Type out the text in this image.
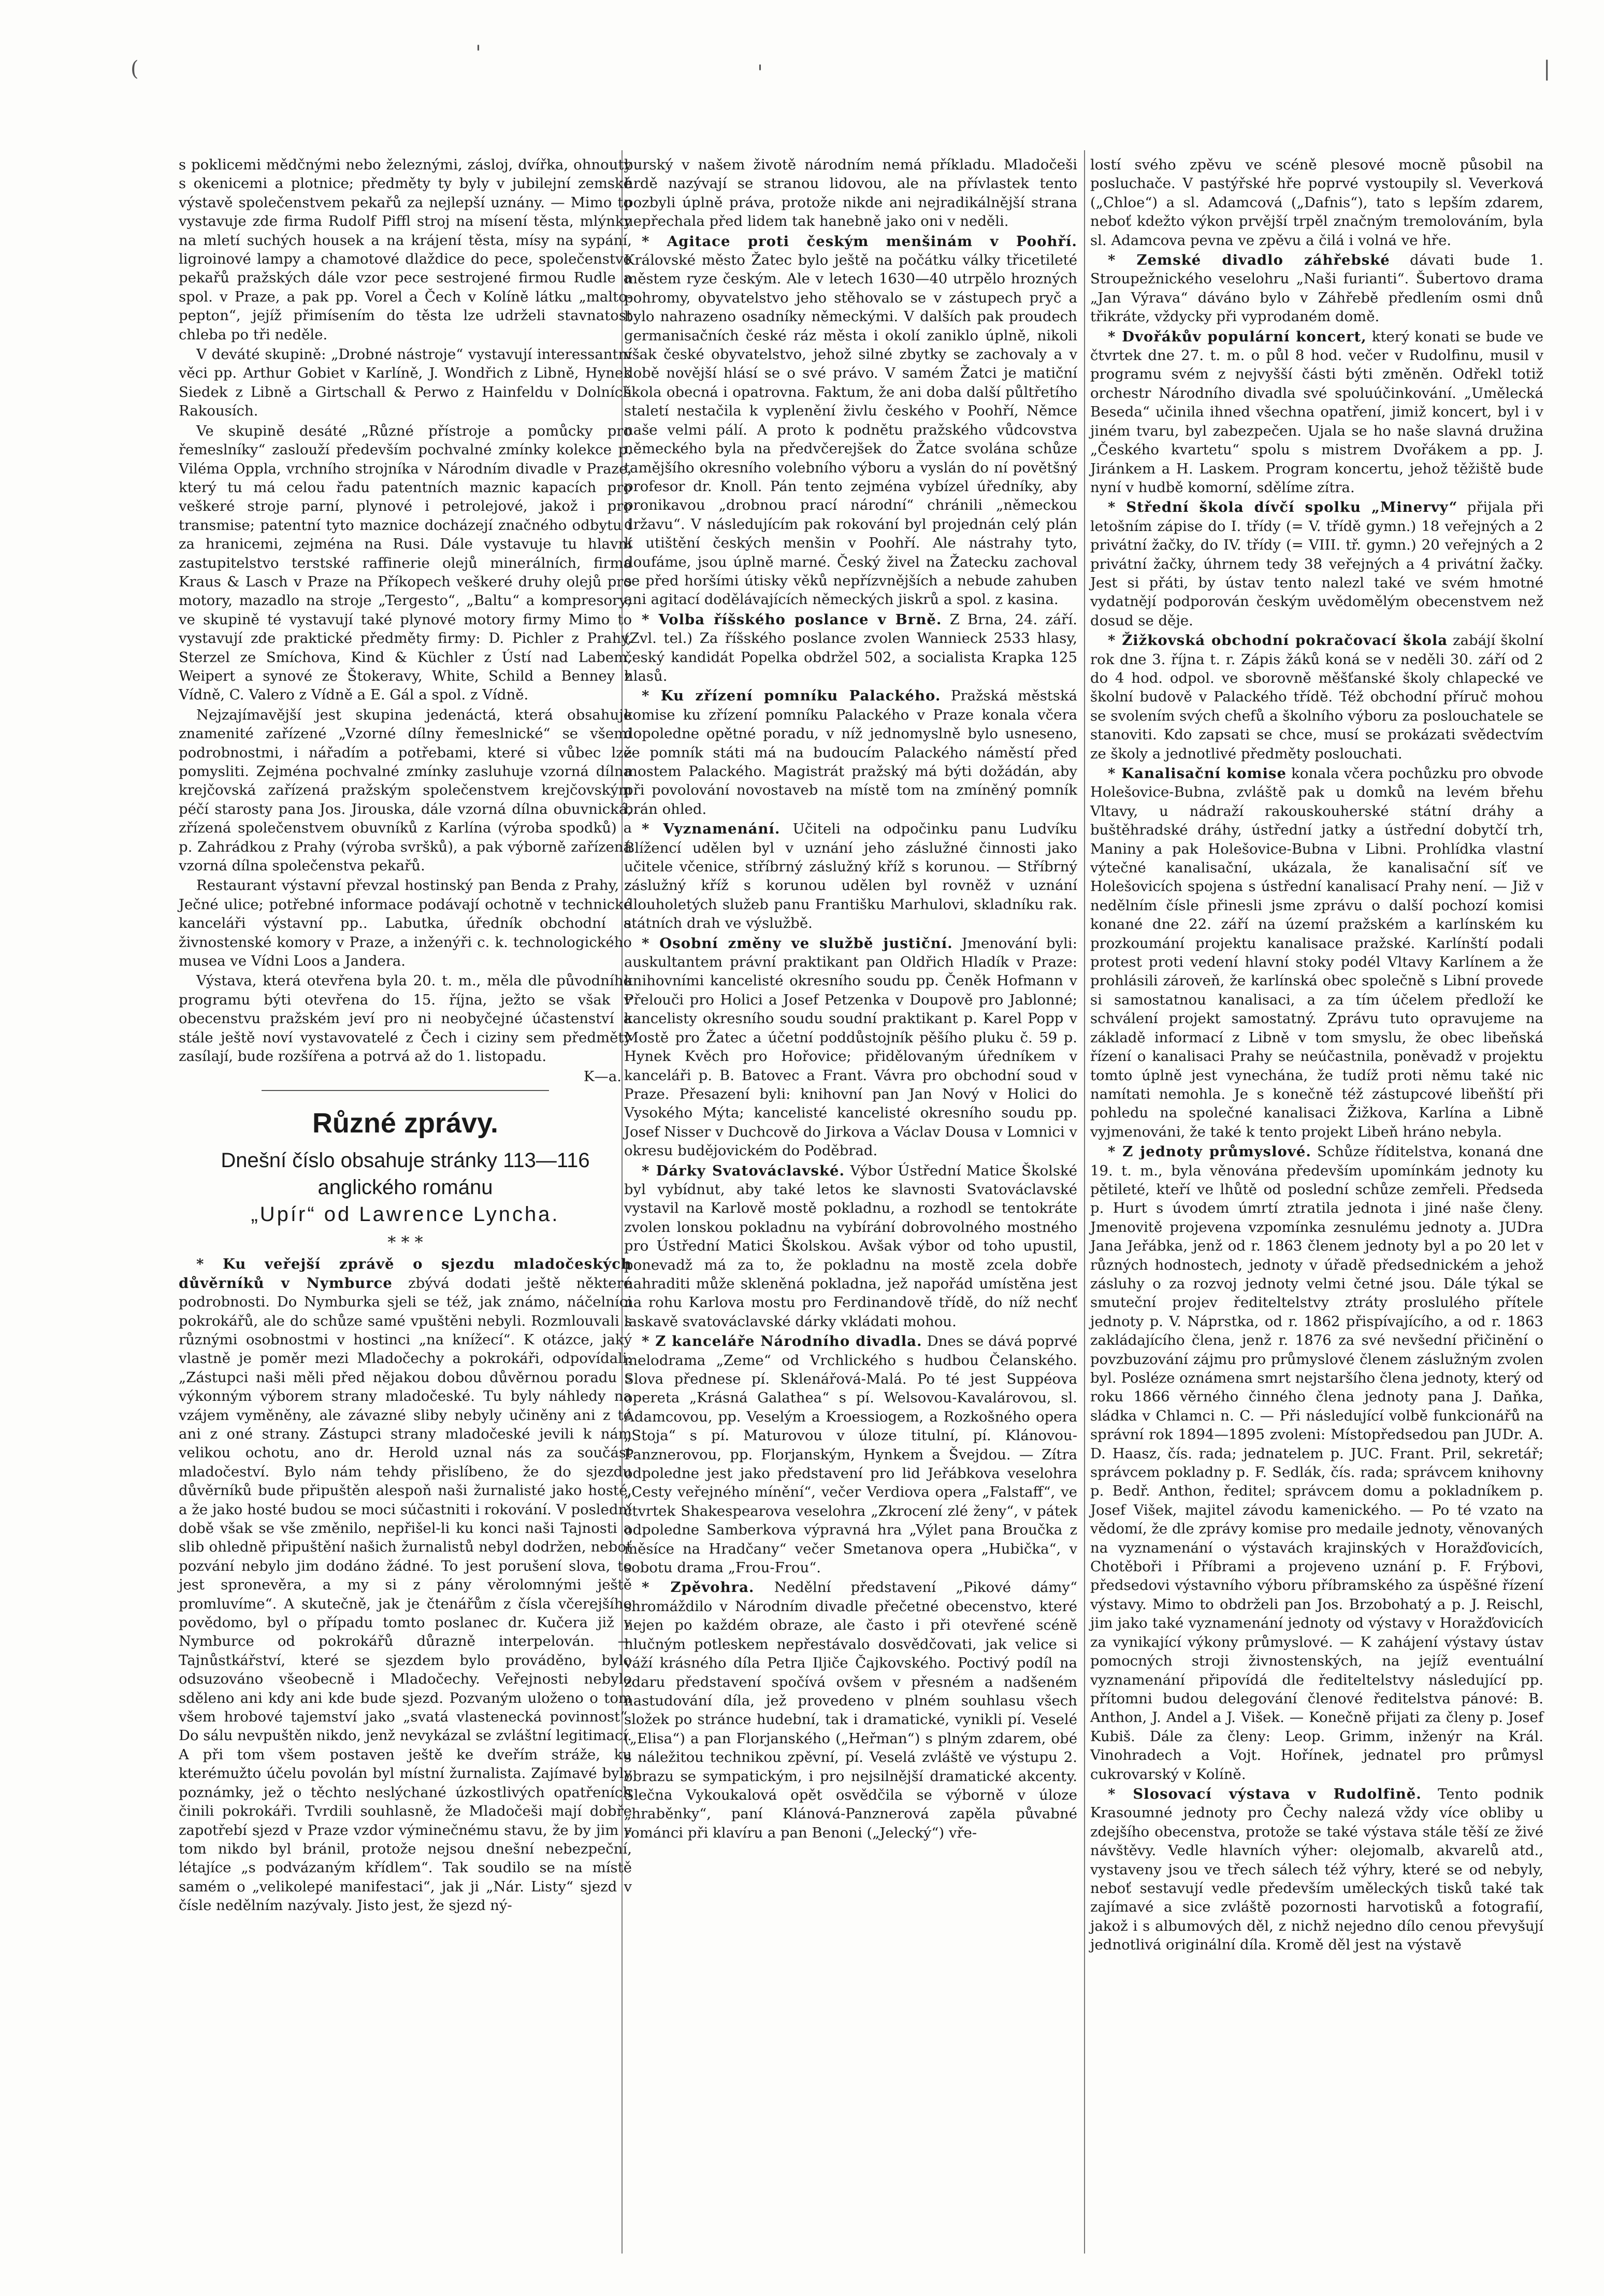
(
'
'	|

s poklicemi mědčnými nebo železnými, zásloj, dvířka, ohnouty s okenicemi a plotnice; předměty ty byly v jubilejní zemské výstavě společenstvem pekařů za nejlepší uznány. — Mimo to vystavuje zde firma Rudolf Piffl stroj na mísení těsta, mlýnky na mletí suchých housek a na krájení těsta, mísy na sypání, ligroinové lampy a chamotové dlaždice do pece, společenstvo pekařů pražských dále vzor pece sestrojené firmou Rudle a spol. v Praze, a pak pp. Vorel a Čech v Kolíně látku „malto-pepton“, jejíž přimísením do těsta lze udrželi stavnatost chleba po tři neděle.

V deváté skupině: „Drobné nástroje“ vystavují interessantní věci pp. Arthur Gobiet v Karlíně, J. Wondřich z Libně, Hynek Siedek z Libně a Girtschall & Perwo z Hainfeldu v Dolních Rakousích.

Ve skupině desáté „Různé přístroje a pomůcky pro řemeslníky“ zaslouží především pochvalné zmínky kolekce p. Viléma Oppla, vrchního strojníka v Národním divadle v Praze, který tu má celou řadu patentních maznic kapacích pro veškeré stroje parní, plynové i petrolejové, jakož i pro transmise; patentní tyto maznice docházejí značného odbytu i za hranicemi, zejména na Rusi. Dále vystavuje tu hlavní zastupitelstvo terstské raffinerie olejů minerálních, firma Kraus & Lasch v Praze na Příkopech veškeré druhy olejů pro motory, mazadlo na stroje „Tergesto“, „Baltu“ a kompresory; ve skupině té vystavují také plynové motory firmy Mimo to vystavují zde praktické předměty firmy: D. Pichler z Prahy, Sterzel ze Smíchova, Kind & Küchler z Ústí nad Labem, Weipert a synové ze Štokeravy, White, Schild a Benney z Vídně, C. Valero z Vídně a E. Gál a spol. z Vídně.

Nejzajímavější jest skupina jedenáctá, která obsahuje znamenité zařízené „Vzorné dílny řemeslnické“ se všemi podrobnostmi, i nářadím a potřebami, které si vůbec lze pomysliti. Zejména pochvalné zmínky zasluhuje vzorná dílna krejčovská zařízená pražským společenstvem krejčovským péčí starosty pana Jos. Jirouska, dále vzorná dílna obuvnická, zřízená společenstvem obuvníků z Karlína (výroba spodků) a p. Zahrádkou z Prahy (výroba svršků), a pak výborně zařízená vzorná dílna společenstva pekařů.

Restaurant výstavní převzal hostinský pan Benda z Prahy, z Ječné ulice; potřebné informace podávají ochotně v technické kanceláři výstavní pp.. Labutka, úředník obchodní a živnostenské komory v Praze, a inženýři c. k. technologického musea ve Vídni Loos a Jandera.

Výstava, která otevřena byla 20. t. m., měla dle původního programu býti otevřena do 15. října, ježto se však v obecenstvu pražském jeví pro ni neobyčejné účastenství a stále ještě noví vystavovatelé z Čech i ciziny sem předměty zasílají, bude rozšířena a potrvá až do 1. listopadu.

K—a.
Různé zprávy.
Dnešní číslo obsahuje stránky 113—116 anglického románu
„Upír“ od Lawrence Lyncha.
* * *

* Ku veřejší zprávě o sjezdu mladočeských důvěrníků v Nymburce zbývá dodati ještě některé podrobnosti. Do Nymburka sjeli se též, jak známo, náčelníci pokrokářů, ale do schůze samé vpuštěni nebyli. Rozmlouvali s různými osobnostmi v hostinci „na knížecí“. K otázce, jaký vlastně je poměr mezi Mladočechy a pokrokáři, odpovídali: „Zástupci naši měli před nějakou dobou důvěrnou poradu s výkonným výborem strany mladočeské. Tu byly náhledy na vzájem vyměněny, ale závazné sliby nebyly učiněny ani z té ani z oné strany. Zástupci strany mladočeské jevili k nám velikou ochotu, ano dr. Herold uznal nás za součást mladočeství. Bylo nám tehdy přislíbeno, že do sjezdu důvěrníků bude připuštěn alespoň naši žurnalisté jako hosté, a že jako hosté budou se moci súčastniti i rokování. V poslední době však se vše změnilo, nepřišel-li ku konci naši Tajnosti a slib ohledně připuštění našich žurnalistů nebyl dodržen, neboť pozvání nebylo jim dodáno žádné. To jest porušení slova, to jest spronevěra, a my si z pány věrolomnými ještě promluvíme“. A skutečně, jak je čtenářům z čísla včerejšího povědomo, byl o případu tomto poslanec dr. Kučera již v Nymburce od pokrokářů důrazně interpelován. — Tajnůstkářství, které se sjezdem bylo prováděno, bylo odsuzováno všeobecně i Mladočechy. Veřejnosti nebylo sděleno ani kdy ani kde bude sjezd. Pozvaným uloženo o tom všem hrobové tajemství jako „svatá vlastenecká povinnost“. Do sálu nevpuštěn nikdo, jenž nevykázal se zvláštní legitimací. A při tom všem postaven ještě ke dveřím stráže, ku kterémužto účelu povolán byl místní žurnalista. Zajímavé byly poznámky, jež o těchto neslýchané úzkostlivých opatřeních činili pokrokáři. Tvrdili souhlasně, že Mladočeši mají dobře zapotřebí sjezd v Praze vzdor výminečnému stavu, že by jim v tom nikdo byl bránil, protože nejsou dnešní nebezpeční, létajíce „s podvázaným křídlem“. Tak soudilo se na místě samém o „velikolepé manifestaci“, jak ji „Nár. Listy“ sjezd v čísle nedělním nazývaly. Jisto jest, že sjezd ný-

burský v našem životě národním nemá příkladu. Mladočeši hrdě nazývají se stranou lidovou, ale na přívlastek tento pozbyli úplně práva, protože nikde ani nejradikálnější strana nepřechala před lidem tak hanebně jako oni v neděli.

* Agitace proti českým menšinám v Poohří. Královské město Žatec bylo ještě na počátku války třicetileté městem ryze českým. Ale v letech 1630—40 utrpělo hrozných pohromy, obyvatelstvo jeho stěhovalo se v zástupech pryč a bylo nahrazeno osadníky německými. V dalších pak proudech germanisačních české ráz města i okolí zaniklo úplně, nikoli však české obyvatelstvo, jehož silné zbytky se zachovaly a v době novější hlásí se o své právo. V samém Žatci je matiční škola obecná i opatrovna. Faktum, že ani doba další půltřetího staletí nestačila k vyplenění živlu českého v Poohří, Němce naše velmi pálí. A proto k podnětu pražského vůdcovstva německého byla na předvčerejšek do Žatce svolána schůze tamějšího okresního volebního výboru a vyslán do ní povětšný profesor dr. Knoll. Pán tento zejména vybízel úředníky, aby pronikavou „drobnou prací národní“ chránili „německou državu“. V následujícím pak rokování byl projednán celý plán k utištění českých menšin v Poohří. Ale nástrahy tyto, doufáme, jsou úplně marné. Český živel na Žatecku zachoval se před horšími útisky věků nepřízvnějších a nebude zahuben ani agitací dodělávajících německých jiskrů a spol. z kasina.

* Volba říšského poslance v Brně. Z Brna, 24. září. (Zvl. tel.) Za říšského poslance zvolen Wannieck 2533 hlasy, český kandidát Popelka obdržel 502, a socialista Krapka 125 hlasů.

* Ku zřízení pomníku Palackého. Pražská městská komise ku zřízení pomníku Palackého v Praze konala včera dopoledne opětné poradu, v níž jednomyslně bylo usneseno, že pomník státi má na budoucím Palackého náměstí před mostem Palackého. Magistrát pražský má býti dožádán, aby při povolování novostaveb na místě tom na zmíněný pomník brán ohled.

* Vyznamenání. Učiteli na odpočinku panu Ludvíku Blížencí udělen byl v uznání jeho záslužné činnosti jako učitele včenice, stříbrný záslužný kříž s korunou. — Stříbrný záslužný kříž s korunou udělen byl rovněž v uznání dlouholetých služeb panu Františku Marhulovi, skladníku rak. státních drah ve výslužbě.

* Osobní změny ve službě justiční. Jmenování byli: auskultantem právní praktikant pan Oldřich Hladík v Praze: knihovními kancelisté okresního soudu pp. Čeněk Hofmann v Přelouči pro Holici a Josef Petzenka v Doupově pro Jablonné; kancelisty okresního soudu soudní praktikant p. Karel Popp v Mostě pro Žatec a účetní poddůstojník pěšího pluku č. 59 p. Hynek Kvěch pro Hořovice; přidělovaným úředníkem v kanceláři p. B. Batovec a Frant. Vávra pro obchodní soud v Praze. Přesazení byli: knihovní pan Jan Nový v Holici do Vysokého Mýta; kancelisté kancelisté okresního soudu pp. Josef Nisser v Duchcově do Jirkova a Václav Dousa v Lomnici v okresu budějovickém do Poděbrad.

* Dárky Svatováclavské. Výbor Ústřední Matice Školské byl vybídnut, aby také letos ke slavnosti Svatováclavské vystavil na Karlově mostě pokladnu, a rozhodl se tentokráte zvolen lonskou pokladnu na vybírání dobrovolného mostného pro Ústřední Matici Školskou. Avšak výbor od toho upustil, ponevadž má za to, že pokladnu na mostě zcela dobře nahraditi může skleněná pokladna, jež napořád umístěna jest na rohu Karlova mostu pro Ferdinandově třídě, do níž nechť laskavě svatováclavské dárky vkládati mohou.

* Z kanceláře Národního divadla. Dnes se dává poprvé melodrama „Zeme“ od Vrchlického s hudbou Čelanského. Slova přednese pí. Sklenářová-Malá. Po té jest Suppéova opereta „Krásná Galathea“ s pí. Welsovou-Kavalárovou, sl. Adamcovou, pp. Veselým a Kroessiogem, a Rozkošného opera „Stoja“ s pí. Maturovou v úloze titulní, pí. Klánovou-Panznerovou, pp. Florjanským, Hynkem a Švejdou. — Zítra odpoledne jest jako představení pro lid Jeřábkova veselohra „Cesty veřejného mínění“, večer Verdiova opera „Falstaff“, ve čtvrtek Shakespearova veselohra „Zkrocení zlé ženy“, v pátek odpoledne Samberkova výpravná hra „Výlet pana Broučka z měsíce na Hradčany“ večer Smetanova opera „Hubička“, v sobotu drama „Frou-Frou“.

* Zpěvohra. Nedělní představení „Pikové dámy“ shromáždilo v Národním divadle přečetné obecenstvo, které nejen po každém obraze, ale často i při otevřené scéně hlučným potleskem nepřestávalo dosvědčovati, jak velice si váží krásného díla Petra Iljiče Čajkovského. Poctivý podíl na zdaru představení spočívá ovšem v přesném a nadšeném nastudování díla, jež provedeno v plném souhlasu všech složek po stránce hudební, tak i dramatické, vynikli pí. Veselé („Elisa“) a pan Florjanského („Heřman“) s plným zdarem, obé s náležitou technikou zpěvní, pí. Veselá zvláště ve výstupu 2. obrazu se sympatickým, i pro nejsilnější dramatické akcenty. Slečna Vykoukalová opět osvědčila se výborně v úloze „hraběnky“, paní Klánová-Panznerová zapěla půvabné románci při klavíru a pan Benoni („Jelecký“) vře-

lostí svého zpěvu ve scéně plesové mocně působil na posluchače. V pastýřské hře poprvé vystoupily sl. Veverková („Chloe“) a sl. Adamcová („Dafnis“), tato s lepším zdarem, neboť kdežto výkon prvější trpěl značným tremolováním, byla sl. Adamcova pevna ve zpěvu a čilá i volná ve hře.

* Zemské divadlo záhřebské dávati bude 1. Stroupežnického veselohru „Naši furianti“. Šubertovo drama „Jan Výrava“ dáváno bylo v Záhřebě předlením osmi dnů třikráte, vždycky při vyprodaném domě.

* Dvořákův populární koncert, který konati se bude ve čtvrtek dne 27. t. m. o půl 8 hod. večer v Rudolfinu, musil v programu svém z nejvyšší části býti změněn. Odřekl totiž orchestr Národního divadla své spoluúčinkování. „Umělecká Beseda“ učinila ihned všechna opatření, jimiž koncert, byl i v jiném tvaru, byl zabezpečen. Ujala se ho naše slavná družina „Českého kvartetu“ spolu s mistrem Dvořákem a pp. J. Jiránkem a H. Laskem. Program koncertu, jehož těžiště bude nyní v hudbě komorní, sdělíme zítra.

* Střední škola dívčí spolku „Minervy“ přijala při letošním zápise do I. třídy (= V. třídě gymn.) 18 veřejných a 2 privátní žačky, do IV. třídy (= VIII. tř. gymn.) 20 veřejných a 2 privátní žačky, úhrnem tedy 38 veřejných a 4 privátní žačky. Jest si přáti, by ústav tento nalezl také ve svém hmotné vydatnějí podporován českým uvědomělým obecenstvem než dosud se děje.

* Žižkovská obchodní pokračovací škola zabájí školní rok dne 3. října t. r. Zápis žáků koná se v neděli 30. září od 2 do 4 hod. odpol. ve sborovně měšťanské školy chlapecké ve školní budově v Palackého třídě. Též obchodní příruč mohou se svolením svých chefů a školního výboru za poslouchatele se stanoviti. Kdo zapsati se chce, musí se prokázati svědectvím ze školy a jednotlivé předměty poslouchati.

* Kanalisační komise konala včera pochůzku pro obvode Holešovice-Bubna, zvláště pak u domků na levém břehu Vltavy, u nádraží rakouskouherské státní dráhy a buštěhradské dráhy, ústřední jatky a ústřední dobytčí trh, Maniny a pak Holešovice-Bubna v Libni. Prohlídka vlastní výtečné kanalisační, ukázala, že kanalisační síť ve Holešovicích spojena s ústřední kanalisací Prahy není. — Již v nedělním čísle přinesli jsme zprávu o další pochozí komisi konané dne 22. září na území pražském a karlínském ku prozkoumání projektu kanalisace pražské. Karlínští podali protest proti vedení hlavní stoky podél Vltavy Karlínem a že prohlásili zároveň, že karlínská obec společně s Libní provede si samostatnou kanalisaci, a za tím účelem předloží ke schválení projekt samostatný. Zprávu tuto opravujeme na základě informací z Libně v tom smyslu, že obec libeňská řízení o kanalisaci Prahy se neúčastnila, poněvadž v projektu tomto úplně jest vynechána, že tudíž proti němu také nic namítati nemohla. Je s konečně též zástupcové libeňští při pohledu na společné kanalisaci Žižkova, Karlína a Libně vyjmenováni, že také k tento projekt Libeň hráno nebyla.

* Z jednoty průmyslové. Schůze říditelstva, konaná dne 19. t. m., byla věnována především upomínkám jednoty ku pětileté, kteří ve lhůtě od poslední schůze zemřeli. Předseda p. Hurt s úvodem úmrtí ztratila jednota i jiné naše členy. Jmenovitě projevena vzpomínka zesnulému jednoty a. JUDra Jana Jeřábka, jenž od r. 1863 členem jednoty byl a po 20 let v různých hodnostech, jednoty v úřadě předsednickém a jehož zásluhy o za rozvoj jednoty velmi četné jsou. Dále týkal se smuteční projev řediteltelstvy ztráty proslulého přítele jednoty p. V. Náprstka, od r. 1862 přispívajícího, a od r. 1863 zakládajícího člena, jenž r. 1876 za své nevšední přičinění o povzbuzování zájmu pro průmyslové členem záslužným zvolen byl. Posléze oznámena smrt nejstaršího člena jednoty, který od roku 1866 věrného činného člena jednoty pana J. Daňka, sládka v Chlamci n. C. — Při následující volbě funkcionářů na správní rok 1894—1895 zvoleni: Místopředsedou pan JUDr. A. D. Haasz, čís. rada; jednatelem p. JUC. Frant. Pril, sekretář; správcem pokladny p. F. Sedlák, čís. rada; správcem knihovny p. Bedř. Anthon, ředitel; správcem domu a pokladníkem p. Josef Višek, majitel závodu kamenického. — Po té vzato na vědomí, že dle zprávy komise pro medaile jednoty, věnovaných na vyznamenání o výstavách krajinských v Horažďovicích, Chotěboři i Příbrami a projeveno uznání p. F. Frýbovi, předsedovi výstavního výboru příbramského za úspěšné řízení výstavy. Mimo to obdrželi pan Jos. Brzobohatý a p. J. Reischl, jim jako také vyznamenání jednoty od výstavy v Horažďovicích za vynikající výkony průmyslové. — K zahájení výstavy ústav pomocných stroji živnostenských, na jejíž eventuální vyznamenání připovídá dle řediteltelstvy následující pp. přítomni budou delegování členové ředitelstva pánové: B. Anthon, J. Andel a J. Višek. — Konečně přijati za členy p. Josef Kubiš. Dále za členy: Leop. Grimm, inženýr na Král. Vinohradech a Vojt. Hořínek, jednatel pro průmysl cukrovarský v Kolíně.

* Slosovací výstava v Rudolfině. Tento podnik Krasoumné jednoty pro Čechy nalezá vždy více obliby u zdejšího obecenstva, protože se také výstava stále těší ze živé návštěvy. Vedle hlavních výher: olejomalb, akvarelů atd., vystaveny jsou ve třech sálech též výhry, které se od nebyly, neboť sestavují vedle především uměleckých tisků také tak zajímavé a sice zvláště pozornosti harvotisků a fotografií, jakož i s albumových děl, z nichž nejedno dílo cenou převyšují jednotlivá originální díla. Kromě děl jest na výstavě
